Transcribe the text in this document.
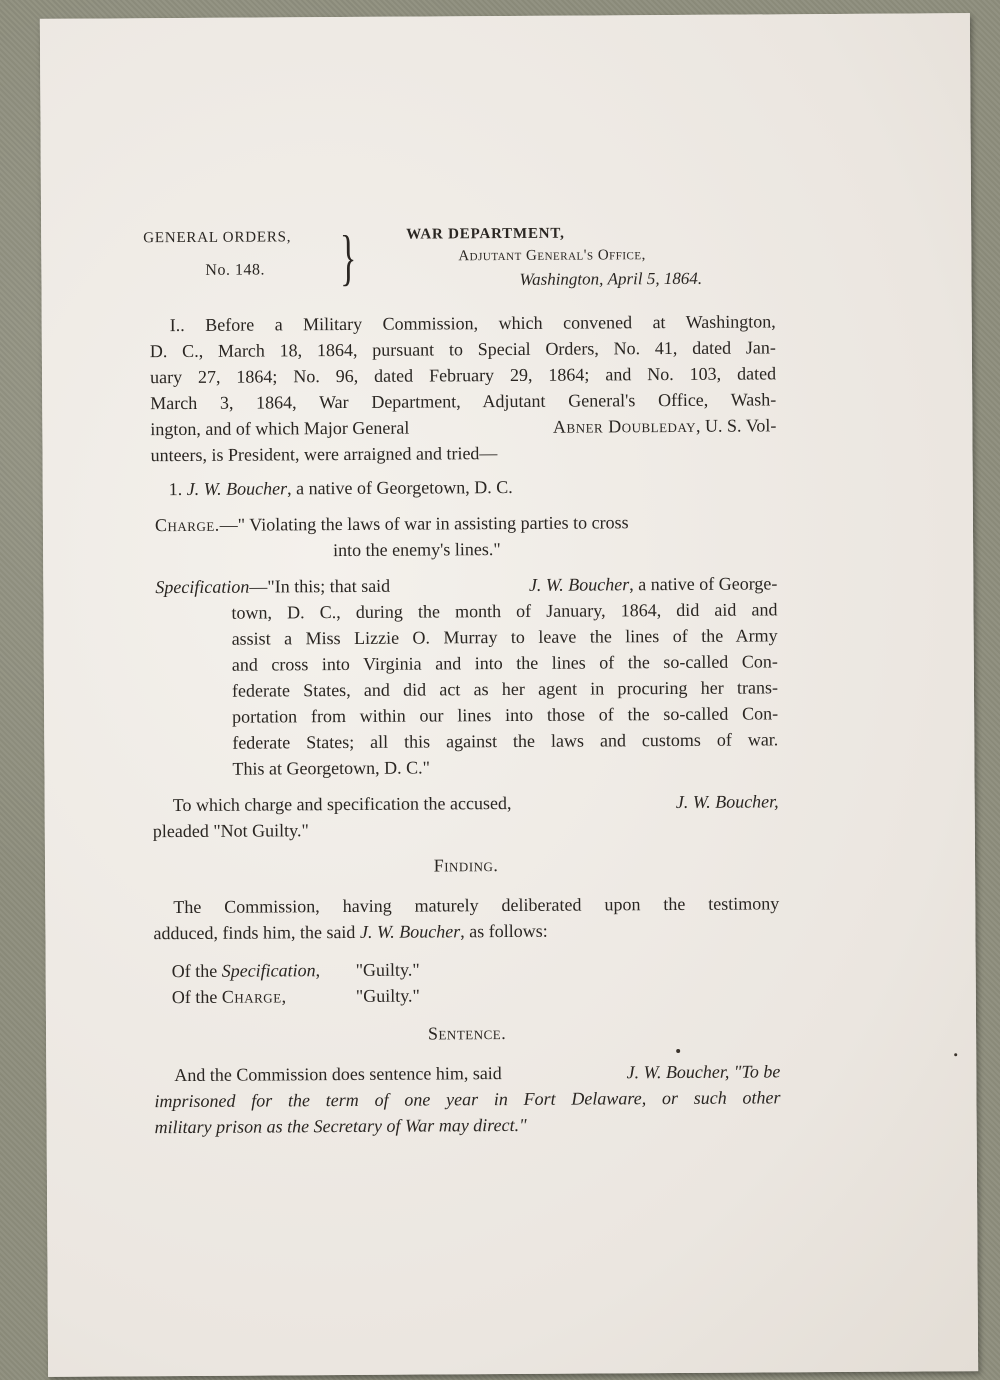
GENERAL ORDERS,
No. 148. }	WAR DEPARTMENT,
Adjutant General's Office,
Washington, April 5, 1864.
I.. Before a Military Commission, which convened at Washington,
D. C., March 18, 1864, pursuant to Special Orders, No. 41, dated Jan-
uary 27, 1864; No. 96, dated February 29, 1864; and No. 103, dated
March 3, 1864, War Department, Adjutant General's Office, Wash-
ington, and of which Major General	Abner Doubleday, U. S. Vol-
unteers, is President, were arraigned and tried—
1. J. W. Boucher, a native of Georgetown, D. C.
Charge.—" Violating the laws of war in assisting parties to cross
into the enemy's lines."
Specification—"In this; that said	J. W. Boucher, a native of George-
town, D. C., during the month of January, 1864, did aid and
assist a Miss Lizzie O. Murray to leave the lines of the Army
and cross into Virginia and into the lines of the so-called Con-
federate States, and did act as her agent in procuring her trans-
portation from within our lines into those of the so-called Con-
federate States; all this against the laws and customs of war.
This at Georgetown, D. C."
To which charge and specification the accused,	J. W. Boucher,
pleaded "Not Guilty."
Finding.
The Commission, having maturely deliberated upon the testimony
adduced, finds him, the said J. W. Boucher, as follows:
Of the Specification, "Guilty."
Of the Charge,	"Guilty."
Sentence.
And the Commission does sentence him, said	J. W. Boucher, "To be
imprisoned for the term of one year in Fort Delaware, or such other
military prison as the Secretary of War may direct."
